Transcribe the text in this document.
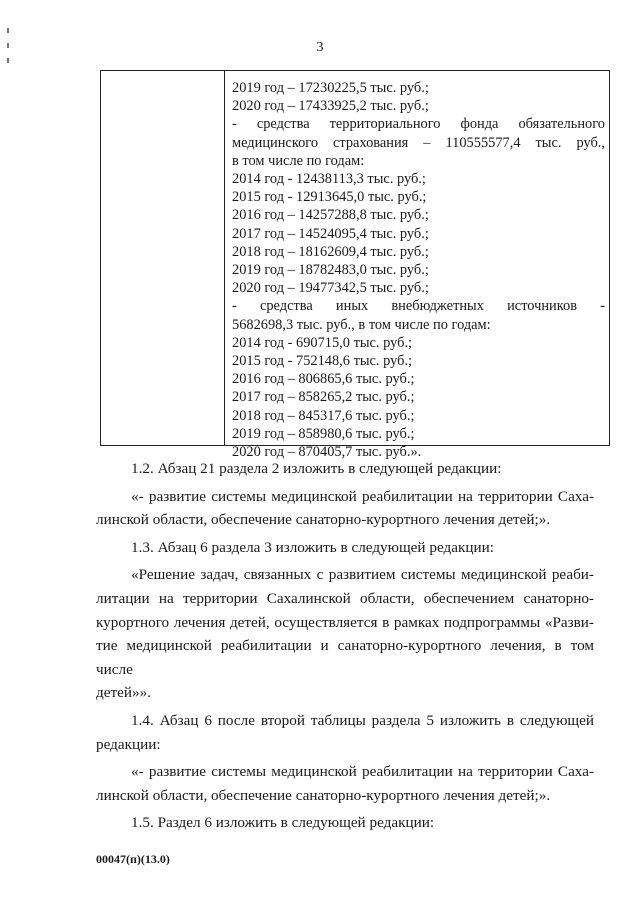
3
2019 год – 17230225,5 тыс. руб.;
2020 год – 17433925,2 тыс. руб.;
- средства территориального фонда обязательного
медицинского страхования – 110555577,4 тыс. руб.,
в том числе по годам:
2014 год - 12438113,3 тыс. руб.;
2015 год - 12913645,0 тыс. руб.;
2016 год – 14257288,8 тыс. руб.;
2017 год – 14524095,4 тыс. руб.;
2018 год – 18162609,4 тыс. руб.;
2019 год – 18782483,0 тыс. руб.;
2020 год – 19477342,5 тыс. руб.;
- средства иных внебюджетных источников -
5682698,3 тыс. руб., в том числе по годам:
2014 год - 690715,0 тыс. руб.;
2015 год - 752148,6 тыс. руб.;
2016 год – 806865,6 тыс. руб.;
2017 год – 858265,2 тыс. руб.;
2018 год – 845317,6 тыс. руб.;
2019 год – 858980,6 тыс. руб.;
2020 год – 870405,7 тыс. руб.».
1.2. Абзац 21 раздела 2 изложить в следующей редакции:
«- развитие системы медицинской реабилитации на территории Саха-
линской области, обеспечение санаторно-курортного лечения детей;».
1.3. Абзац 6 раздела 3 изложить в следующей редакции:
«Решение задач, связанных с развитием системы медицинской реаби-
литации на территории Сахалинской области, обеспечением санаторно-
курортного лечения детей, осуществляется в рамках подпрограммы «Разви-
тие медицинской реабилитации и санаторно-курортного лечения, в том числе
детей»».
1.4. Абзац 6 после второй таблицы раздела 5 изложить в следующей
редакции:
«- развитие системы медицинской реабилитации на территории Саха-
линской области, обеспечение санаторно-курортного лечения детей;».
1.5. Раздел 6 изложить в следующей редакции:
00047(п)(13.0)
